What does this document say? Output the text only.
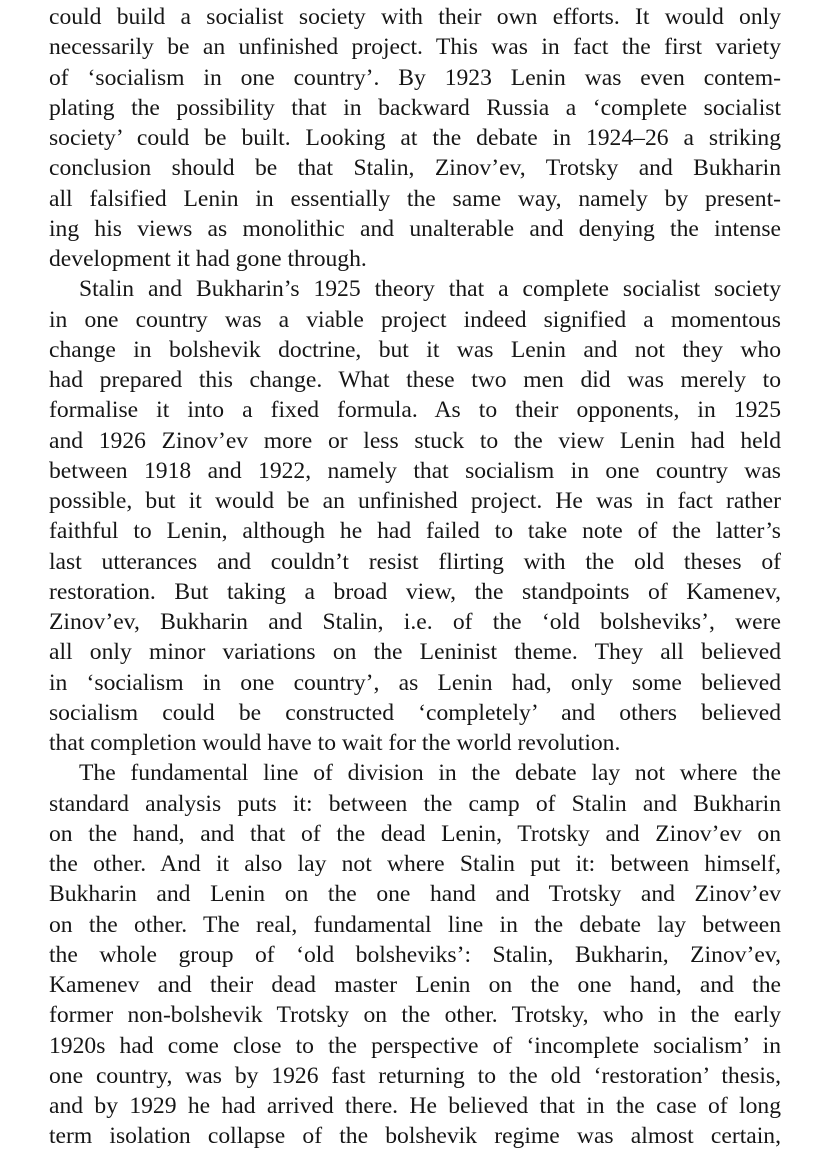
could build a socialist society with their own efforts. It would only
necessarily be an unfinished project. This was in fact the first variety
of ‘socialism in one country’. By 1923 Lenin was even contem-
plating the possibility that in backward Russia a ‘complete socialist
society’ could be built. Looking at the debate in 1924–26 a striking
conclusion should be that Stalin, Zinov’ev, Trotsky and Bukharin
all falsified Lenin in essentially the same way, namely by present-
ing his views as monolithic and unalterable and denying the intense
development it had gone through.
Stalin and Bukharin’s 1925 theory that a complete socialist society
in one country was a viable project indeed signified a momentous
change in bolshevik doctrine, but it was Lenin and not they who
had prepared this change. What these two men did was merely to
formalise it into a fixed formula. As to their opponents, in 1925
and 1926 Zinov’ev more or less stuck to the view Lenin had held
between 1918 and 1922, namely that socialism in one country was
possible, but it would be an unfinished project. He was in fact rather
faithful to Lenin, although he had failed to take note of the latter’s
last utterances and couldn’t resist flirting with the old theses of
restoration. But taking a broad view, the standpoints of Kamenev,
Zinov’ev, Bukharin and Stalin, i.e. of the ‘old bolsheviks’, were
all only minor variations on the Leninist theme. They all believed
in ‘socialism in one country’, as Lenin had, only some believed
socialism could be constructed ‘completely’ and others believed
that completion would have to wait for the world revolution.
The fundamental line of division in the debate lay not where the
standard analysis puts it: between the camp of Stalin and Bukharin
on the hand, and that of the dead Lenin, Trotsky and Zinov’ev on
the other. And it also lay not where Stalin put it: between himself,
Bukharin and Lenin on the one hand and Trotsky and Zinov’ev
on the other. The real, fundamental line in the debate lay between
the whole group of ‘old bolsheviks’: Stalin, Bukharin, Zinov’ev,
Kamenev and their dead master Lenin on the one hand, and the
former non-bolshevik Trotsky on the other. Trotsky, who in the early
1920s had come close to the perspective of ‘incomplete socialism’ in
one country, was by 1926 fast returning to the old ‘restoration’ thesis,
and by 1929 he had arrived there. He believed that in the case of long
term isolation collapse of the bolshevik regime was almost certain,
